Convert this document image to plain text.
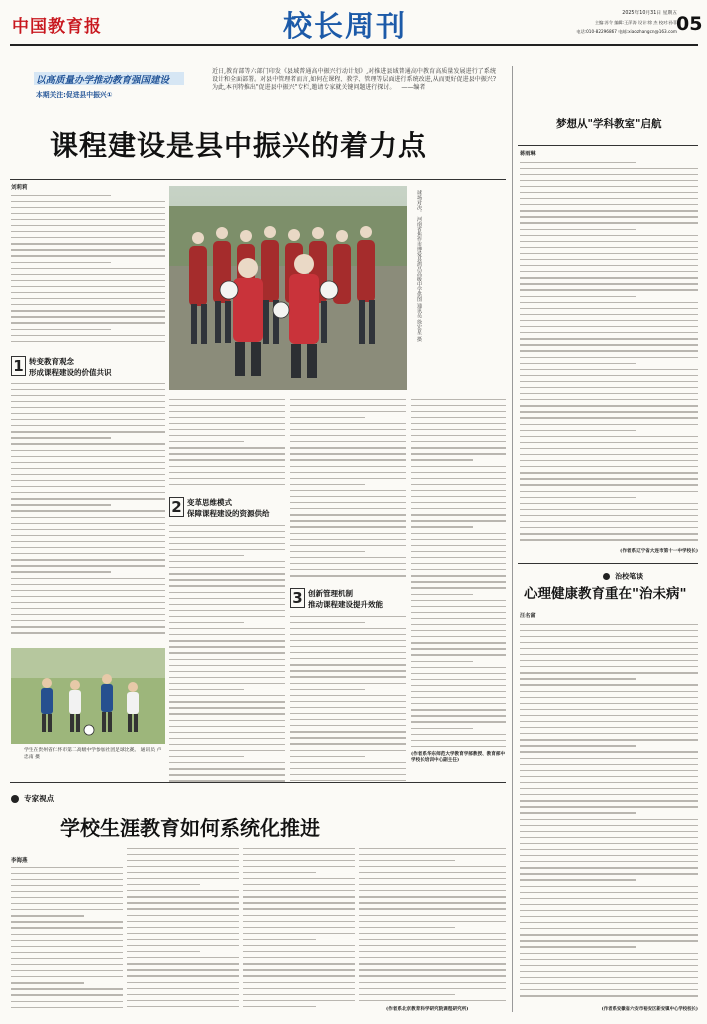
中国教育报	校长周刊	2025年10月31日 星期五
主编:苏令 编辑:王萍涛 设计:徐 杰 校对:孙菲
电话:010-82296867 电邮:xiaozhangcn@163.com 05
以高质量办学推动教育强国建设
本期关注:促进县中振兴①
近日,教育部等六部门印发《县域普通高中振兴行动计划》,对推进县域普通高中教育高质量发展进行了系统设计和全面部署。对县中管理者而言,如何在课程、教学、管理等层面进行系统改进,从而更好促进县中振兴?为此,本刊特推出"促进县中振兴"专栏,邀请专家就关键问题进行探讨。 ——编者
课程建设是县中振兴的着力点
刘莉莉
1 转变教育观念
形成课程建设的价值共识
球场对决。 河南省焦作市博爱县鸿昌高级中学供图 通讯员 徐宏星 摄
2 变革思维模式
保障课程建设的资源供给
3 创新管理机制
推动课程建设提升效能
(作者系华东师范大学教育学部教授、教育部中学校长培训中心副主任)
学生在贵州省仁怀市第二高级中学参加社团足球比赛。 通讯员 卢忠南 摄
专家视点
学校生涯教育如何系统化推进
李海燕
(作者系北京教育科学研究院课程研究所)
梦想从"学科教室"启航
蒋雨琳
(作者系辽宁省大连市第十一中学校长)
治校笔谈
心理健康教育重在"治未病"
汪名富
(作者系安徽省六安市裕安区新安镇中心学校校长)
